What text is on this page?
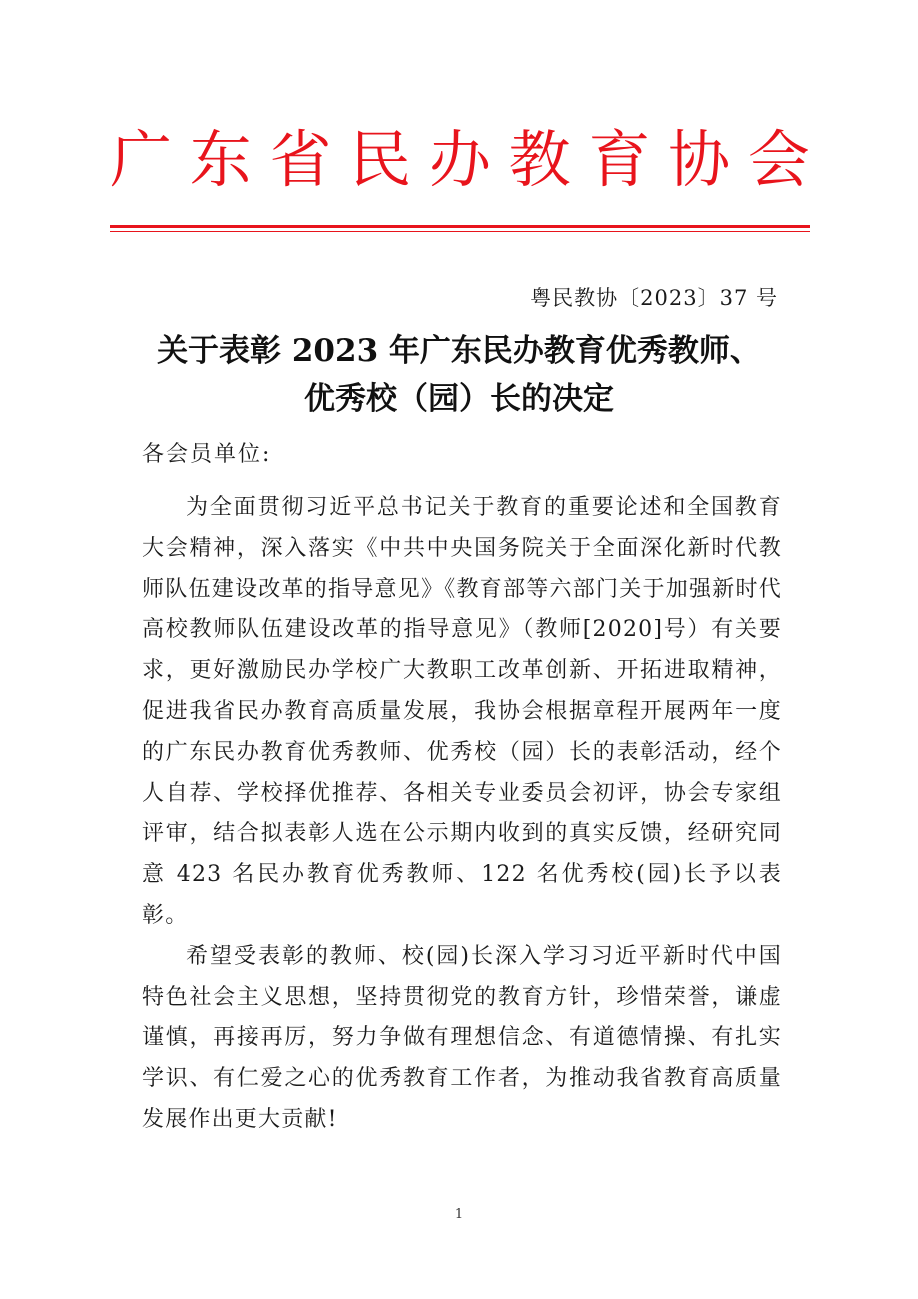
广 东 省 民 办 教 育 协 会
粤民教协〔2023〕37 号
关于表彰 2023 年广东民办教育优秀教师、
优秀校（园）长的决定
各会员单位:

为全面贯彻习近平总书记关于教育的重要论述和全国教育大会精神，深入落实《中共中央国务院关于全面深化新时代教师队伍建设改革的指导意见》《教育部等六部门关于加强新时代高校教师队伍建设改革的指导意见》（教师[2020]号）有关要求，更好激励民办学校广大教职工改革创新、开拓进取精神，促进我省民办教育高质量发展，我协会根据章程开展两年一度的广东民办教育优秀教师、优秀校（园）长的表彰活动，经个人自荐、学校择优推荐、各相关专业委员会初评，协会专家组评审，结合拟表彰人选在公示期内收到的真实反馈，经研究同意 423 名民办教育优秀教师、122 名优秀校(园)长予以表彰。

希望受表彰的教师、校(园)长深入学习习近平新时代中国特色社会主义思想，坚持贯彻党的教育方针，珍惜荣誉，谦虚谨慎，再接再厉，努力争做有理想信念、有道德情操、有扎实学识、有仁爱之心的优秀教育工作者，为推动我省教育高质量发展作出更大贡献!

1
